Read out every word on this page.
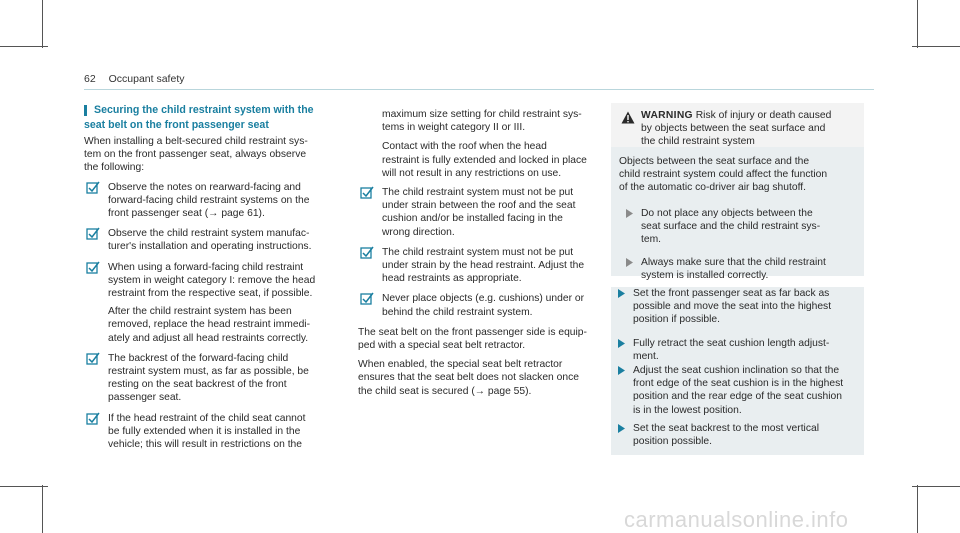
62 Occupant safety
Securing the child restraint system with the
seat belt on the front passenger seat

When installing a belt-secured child restraint sys-
tem on the front passenger seat, always observe
the following:

Observe the notes on rearward-facing and
forward-facing child restraint systems on the
front passenger seat (→ page 61).

Observe the child restraint system manufac-
turer's installation and operating instructions.

When using a forward-facing child restraint
system in weight category I: remove the head
restraint from the respective seat, if possible.

After the child restraint system has been
removed, replace the head restraint immedi-
ately and adjust all head restraints correctly.

The backrest of the forward-facing child
restraint system must, as far as possible, be
resting on the seat backrest of the front
passenger seat.

If the head restraint of the child seat cannot
be fully extended when it is installed in the
vehicle; this will result in restrictions on the

maximum size setting for child restraint sys-
tems in weight category II or III.

Contact with the roof when the head
restraint is fully extended and locked in place
will not result in any restrictions on use.

The child restraint system must not be put
under strain between the roof and the seat
cushion and/or be installed facing in the
wrong direction.

The child restraint system must not be put
under strain by the head restraint. Adjust the
head restraints as appropriate.

Never place objects (e.g. cushions) under or
behind the child restraint system.

The seat belt on the front passenger side is equip-
ped with a special seat belt retractor.

When enabled, the special seat belt retractor
ensures that the seat belt does not slacken once
the child seat is secured (→ page 55).

WARNING Risk of injury or death caused
by objects between the seat surface and
the child restraint system
Objects between the seat surface and the
child restraint system could affect the function
of the automatic co-driver air bag shutoff.
Do not place any objects between the
seat surface and the child restraint sys-
tem.
Always make sure that the child restraint
system is installed correctly.
Set the front passenger seat as far back as
possible and move the seat into the highest
position if possible.
Fully retract the seat cushion length adjust-
ment.
Adjust the seat cushion inclination so that the
front edge of the seat cushion is in the highest
position and the rear edge of the seat cushion
is in the lowest position.
Set the seat backrest to the most vertical
position possible.
carmanualsonline.info
